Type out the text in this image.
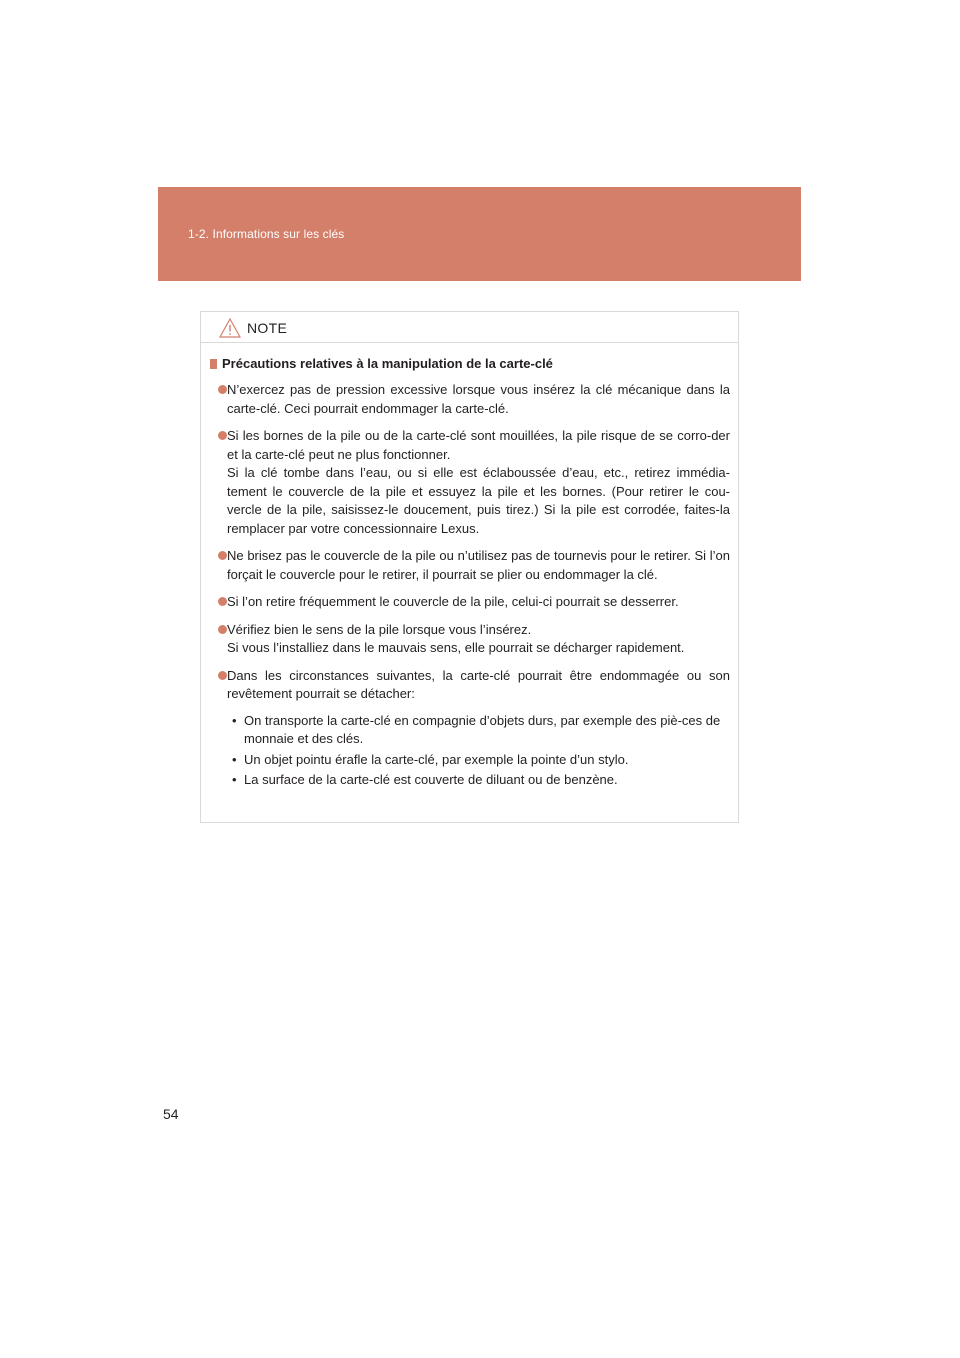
1-2. Informations sur les clés
NOTE
Précautions relatives à la manipulation de la carte-clé
N’exercez pas de pression excessive lorsque vous insérez la clé mécanique dans la carte-clé. Ceci pourrait endommager la carte-clé.
Si les bornes de la pile ou de la carte-clé sont mouillées, la pile risque de se corro-der et la carte-clé peut ne plus fonctionner.
Si la clé tombe dans l’eau, ou si elle est éclaboussée d’eau, etc., retirez immédia-tement le couvercle de la pile et essuyez la pile et les bornes. (Pour retirer le cou-vercle de la pile, saisissez-le doucement, puis tirez.) Si la pile est corrodée, faites-la remplacer par votre concessionnaire Lexus.
Ne brisez pas le couvercle de la pile ou n’utilisez pas de tournevis pour le retirer. Si l’on forçait le couvercle pour le retirer, il pourrait se plier ou endommager la clé.
Si l’on retire fréquemment le couvercle de la pile, celui-ci pourrait se desserrer.
Vérifiez bien le sens de la pile lorsque vous l’insérez.
Si vous l’installiez dans le mauvais sens, elle pourrait se décharger rapidement.
Dans les circonstances suivantes, la carte-clé pourrait être endommagée ou son revêtement pourrait se détacher:
• On transporte la carte-clé en compagnie d’objets durs, par exemple des piè-ces de monnaie et des clés.
• Un objet pointu érafle la carte-clé, par exemple la pointe d’un stylo.
• La surface de la carte-clé est couverte de diluant ou de benzène.
54
